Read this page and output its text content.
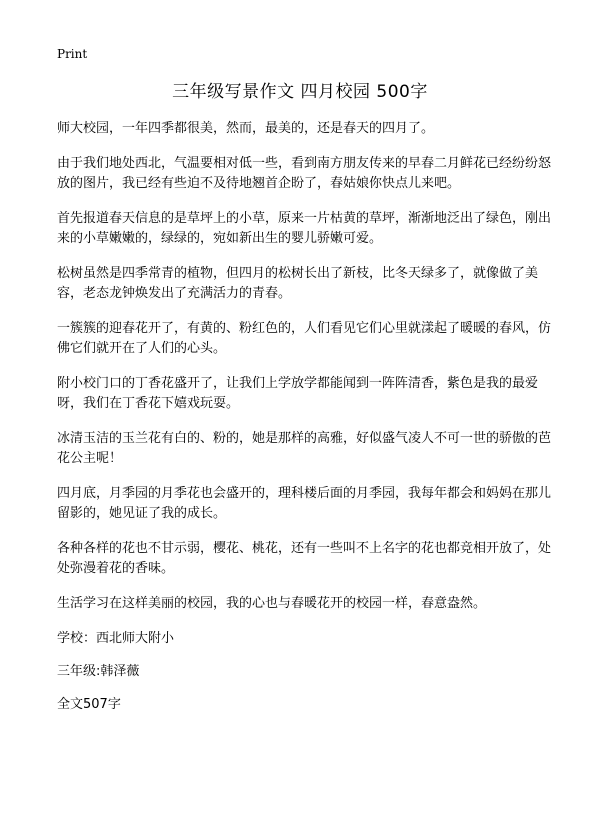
Print
三年级写景作文 四月校园 500字

师大校园，一年四季都很美，然而，最美的，还是春天的四月了。

由于我们地处西北，气温要相对低一些，看到南方朋友传来的早春二月鲜花已经纷纷怒放的图片，我已经有些迫不及待地翘首企盼了，春姑娘你快点儿来吧。

首先报道春天信息的是草坪上的小草，原来一片枯黄的草坪，渐渐地泛出了绿色，刚出来的小草嫩嫩的，绿绿的，宛如新出生的婴儿骄嫩可爱。

松树虽然是四季常青的植物，但四月的松树长出了新枝，比冬天绿多了，就像做了美容，老态龙钟焕发出了充满活力的青春。

一簇簇的迎春花开了，有黄的、粉红色的，人们看见它们心里就漾起了暖暖的春风，仿佛它们就开在了人们的心头。

附小校门口的丁香花盛开了，让我们上学放学都能闻到一阵阵清香，紫色是我的最爱呀，我们在丁香花下嬉戏玩耍。

冰清玉洁的玉兰花有白的、粉的，她是那样的高雅，好似盛气凌人不可一世的骄傲的芭花公主呢！

四月底，月季园的月季花也会盛开的，理科楼后面的月季园，我每年都会和妈妈在那儿留影的，她见证了我的成长。

各种各样的花也不甘示弱，樱花、桃花，还有一些叫不上名字的花也都竞相开放了，处处弥漫着花的香味。

生活学习在这样美丽的校园，我的心也与春暖花开的校园一样，春意盎然。

学校：西北师大附小

三年级:韩泽薇

全文507字
